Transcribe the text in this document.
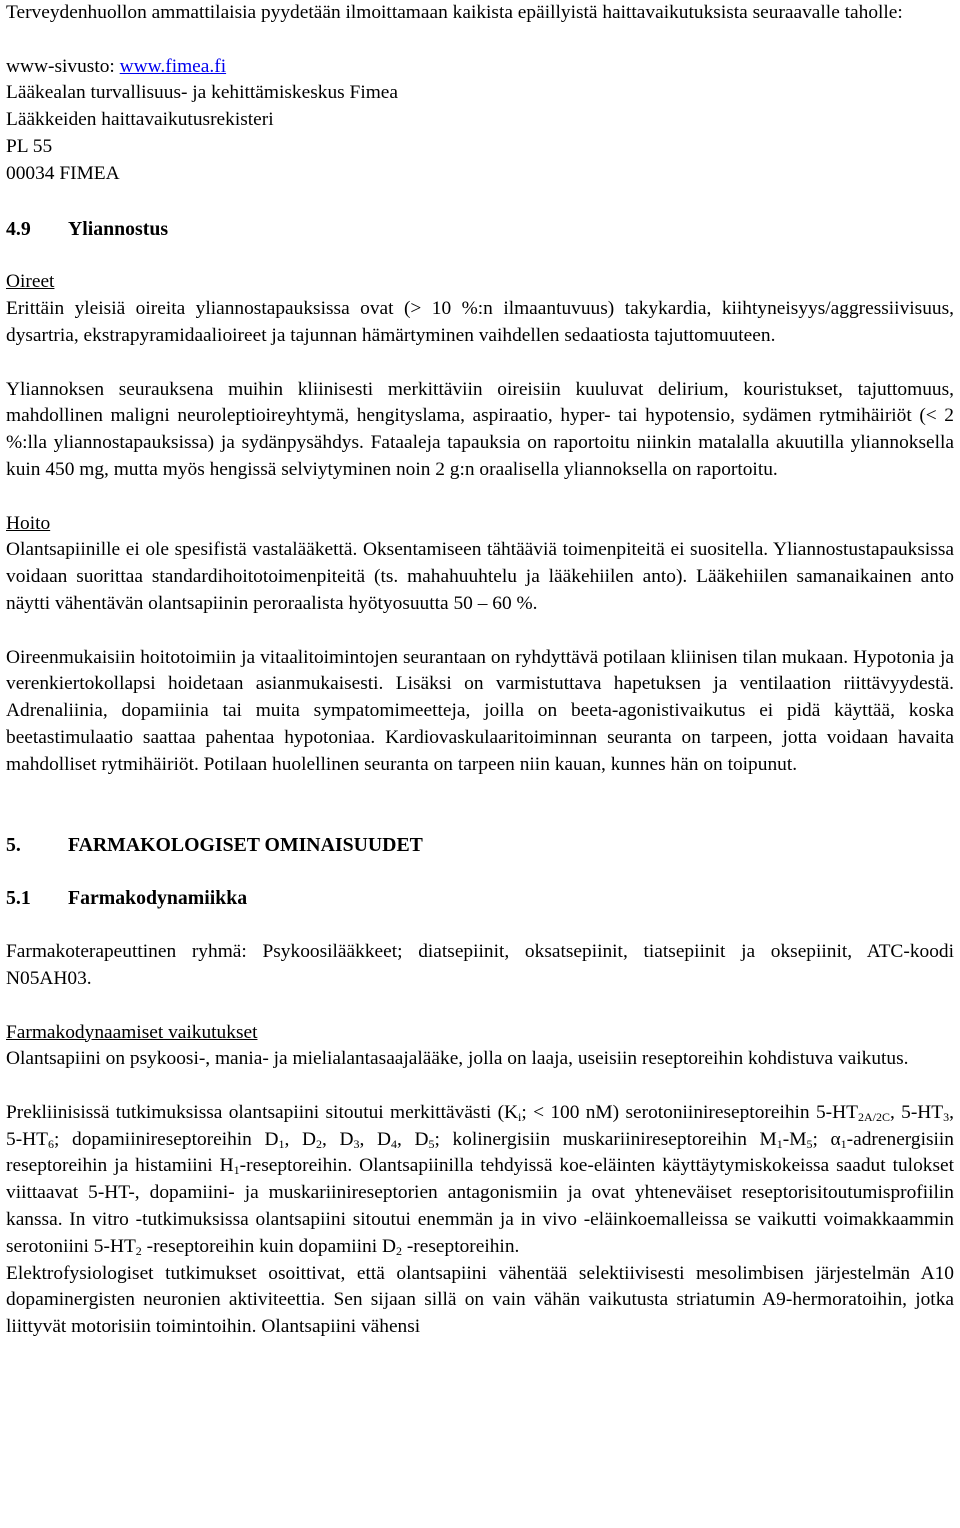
Terveydenhuollon ammattilaisia pyydetään ilmoittamaan kaikista epäillyistä haittavaikutuksista seuraavalle taholle:

www-sivusto: www.fimea.fi

Lääkealan turvallisuus- ja kehittämiskeskus Fimea

Lääkkeiden haittavaikutusrekisteri

PL 55

00034 FIMEA

4.9 Yliannostus

Oireet

Erittäin yleisiä oireita yliannostapauksissa ovat (> 10 %:n ilmaantuvuus) takykardia, kiihtyneisyys/aggressiivisuus, dysartria, ekstrapyramidaalioireet ja tajunnan hämärtyminen vaihdellen sedaatiosta tajuttomuuteen.

Yliannoksen seurauksena muihin kliinisesti merkittäviin oireisiin kuuluvat delirium, kouristukset, tajuttomuus, mahdollinen maligni neuroleptioireyhtymä, hengityslama, aspiraatio, hyper- tai hypotensio, sydämen rytmihäiriöt (< 2 %:lla yliannostapauksissa) ja sydänpysähdys. Fataaleja tapauksia on raportoitu niinkin matalalla akuutilla yliannoksella kuin 450 mg, mutta myös hengissä selviytyminen noin 2 g:n oraalisella yliannoksella on raportoitu.

Hoito

Olantsapiinille ei ole spesifistä vastalääkettä. Oksentamiseen tähtääviä toimenpiteitä ei suositella. Yliannostustapauksissa voidaan suorittaa standardihoitotoimenpiteitä (ts. mahahuuhtelu ja lääkehiilen anto). Lääkehiilen samanaikainen anto näytti vähentävän olantsapiinin peroraalista hyötyosuutta 50 – 60 %.

Oireenmukaisiin hoitotoimiin ja vitaalitoimintojen seurantaan on ryhdyttävä potilaan kliinisen tilan mukaan. Hypotonia ja verenkiertokollapsi hoidetaan asianmukaisesti. Lisäksi on varmistuttava hapetuksen ja ventilaation riittävyydestä. Adrenaliinia, dopamiinia tai muita sympatomimeetteja, joilla on beeta-agonistivaikutus ei pidä käyttää, koska beetastimulaatio saattaa pahentaa hypotoniaa. Kardiovaskulaaritoiminnan seuranta on tarpeen, jotta voidaan havaita mahdolliset rytmihäiriöt. Potilaan huolellinen seuranta on tarpeen niin kauan, kunnes hän on toipunut.

5. FARMAKOLOGISET OMINAISUUDET
5.1 Farmakodynamiikka

Farmakoterapeuttinen ryhmä: Psykoosilääkkeet; diatsepiinit, oksatsepiinit, tiatsepiinit ja oksepiinit, ATC-koodi N05AH03.

Farmakodynaamiset vaikutukset

Olantsapiini on psykoosi-, mania- ja mielialantasaajalääke, jolla on laaja, useisiin reseptoreihin kohdistuva vaikutus.

Prekliinisissä tutkimuksissa olantsapiini sitoutui merkittävästi ($K_i$; < 100 nM) serotoniinireseptoreihin $5-HT_{2A/2C}$, $5-HT_3$, $5-HT_6$; dopamiinireseptoreihin $D_1$, $D_2$, $D_3$, $D_4$, $D_5$; kolinergisiin muskariinireseptoreihin $M_1-M_5$; $\alpha_1$-adrenergisiin reseptoreihin ja histamiini $H_1$-reseptoreihin. Olantsapiinilla tehdyissä koe-eläinten käyttäytymiskokeissa saadut tulokset viittaavat 5-HT-, dopamiini- ja muskariinireseptorien antagonismiin ja ovat yhteneväiset reseptorisitoutumisprofiilin kanssa. In vitro -tutkimuksissa olantsapiini sitoutui enemmän ja in vivo -eläinkoemalleissa se vaikutti voimakkaammin serotoniini $5-HT_2$ -reseptoreihin kuin dopamiini $D_2$ -reseptoreihin.

Elektrofysiologiset tutkimukset osoittivat, että olantsapiini vähentää selektiivisesti mesolimbisen järjestelmän A10 dopaminergisten neuronien aktiviteettia. Sen sijaan sillä on vain vähän vaikutusta striatumin A9-hermoratoihin, jotka liittyvät motorisiin toimintoihin. Olantsapiini vähensi
